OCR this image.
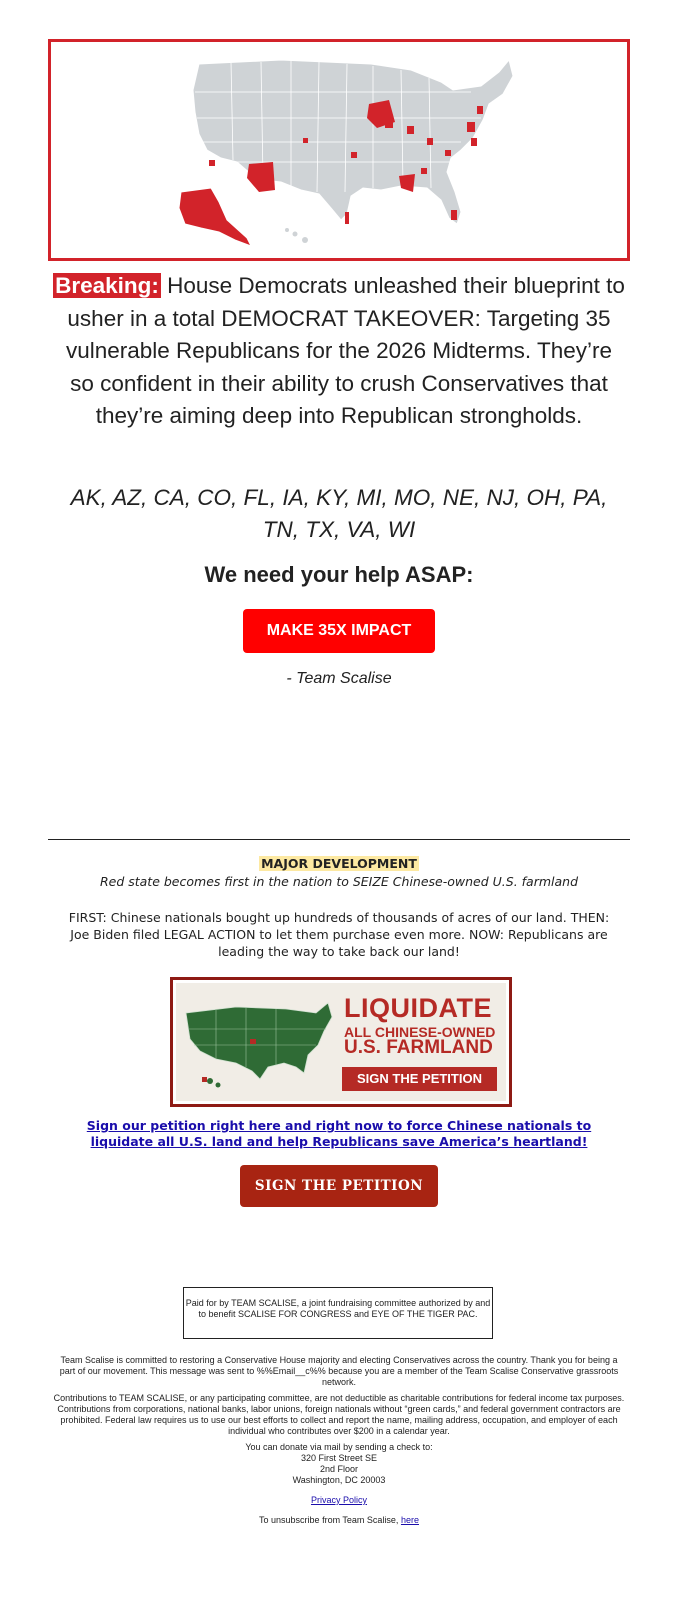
Breaking: House Democrats unleashed their blueprint to usher in a total DEMOCRAT TAKEOVER: Targeting 35 vulnerable Republicans for the 2026 Midterms. They’re so confident in their ability to crush Conservatives that they’re aiming deep into Republican strongholds.
AK, AZ, CA, CO, FL, IA, KY, MI, MO, NE, NJ, OH, PA, TN, TX, VA, WI
We need your help ASAP:
MAKE 35X IMPACT
- Team Scalise
MAJOR DEVELOPMENT
Red state becomes first in the nation to SEIZE Chinese-owned U.S. farmland
FIRST: Chinese nationals bought up hundreds of thousands of acres of our land. THEN: Joe Biden filed LEGAL ACTION to let them purchase even more. NOW: Republicans are leading the way to take back our land!
LIQUIDATE
ALL CHINESE-OWNED
U.S. FARMLAND
SIGN THE PETITION
Sign our petition right here and right now to force Chinese nationals to liquidate all U.S. land and help Republicans save America’s heartland!
SIGN THE PETITION
Paid for by TEAM SCALISE, a joint fundraising committee authorized by and to benefit SCALISE FOR CONGRESS and EYE OF THE TIGER PAC.
Team Scalise is committed to restoring a Conservative House majority and electing Conservatives across the country. Thank you for being a part of our movement. This message was sent to %%Email__c%% because you are a member of the Team Scalise Conservative grassroots network.
Contributions to TEAM SCALISE, or any participating committee, are not deductible as charitable contributions for federal income tax purposes. Contributions from corporations, national banks, labor unions, foreign nationals without “green cards,” and federal government contractors are prohibited. Federal law requires us to use our best efforts to collect and report the name, mailing address, occupation, and employer of each individual who contributes over $200 in a calendar year.
You can donate via mail by sending a check to:
320 First Street SE
2nd Floor
Washington, DC 20003
Privacy Policy
To unsubscribe from Team Scalise, here
